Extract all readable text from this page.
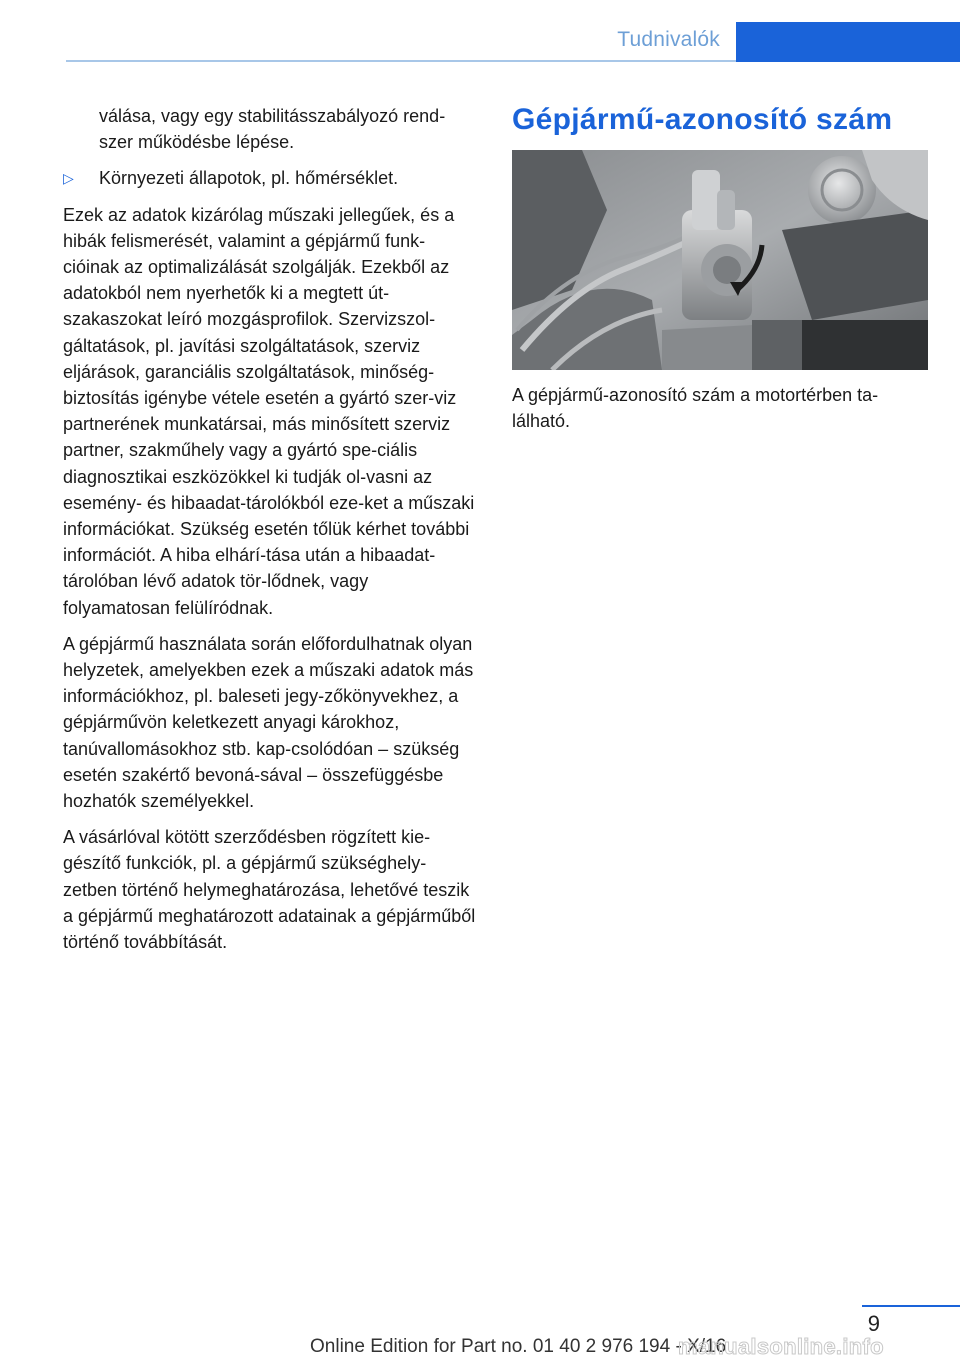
Tudnivalók

válása, vagy egy stabilitásszabályozó rend‐szer működésbe lépése.

▷	Környezeti állapotok, pl. hőmérséklet.

Ezek az adatok kizárólag műszaki jellegűek, és a hibák felismerését, valamint a gépjármű funk‐cióinak az optimalizálását szolgálják. Ezekből az adatokból nem nyerhetők ki a megtett út‐szakaszokat leíró mozgásprofilok. Szervizszol‐gáltatások, pl. javítási szolgáltatások, szerviz eljárások, garanciális szolgáltatások, minőség‐biztosítás igénybe vétele esetén a gyártó szer‐viz partnerének munkatársai, más minősített szerviz partner, szakműhely vagy a gyártó spe‐ciális diagnosztikai eszközökkel ki tudják ol‐vasni az esemény- és hibaadat-tárolókból eze‐ket a műszaki információkat. Szükség esetén tőlük kérhet további információt. A hiba elhárí‐tása után a hibaadat-tárolóban lévő adatok tör‐lődnek, vagy folyamatosan felülíródnak.

A gépjármű használata során előfordulhatnak olyan helyzetek, amelyekben ezek a műszaki adatok más információkhoz, pl. baleseti jegy‐zőkönyvekhez, a gépjárművön keletkezett anyagi károkhoz, tanúvallomásokhoz stb. kap‐csolódóan – szükség esetén szakértő bevoná‐sával – összefüggésbe hozhatók személyekkel.

A vásárlóval kötött szerződésben rögzített kie‐gészítő funkciók, pl. a gépjármű szükséghely‐zetben történő helymeghatározása, lehetővé teszik a gépjármű meghatározott adatainak a gépjárműből történő továbbítását.

Gépjármű-azonosító szám
A gépjármű-azonosító szám a motortérben ta‐lálható.
9
Online Edition for Part no. 01 40 2 976 194 - X/16
manualsonline.info
